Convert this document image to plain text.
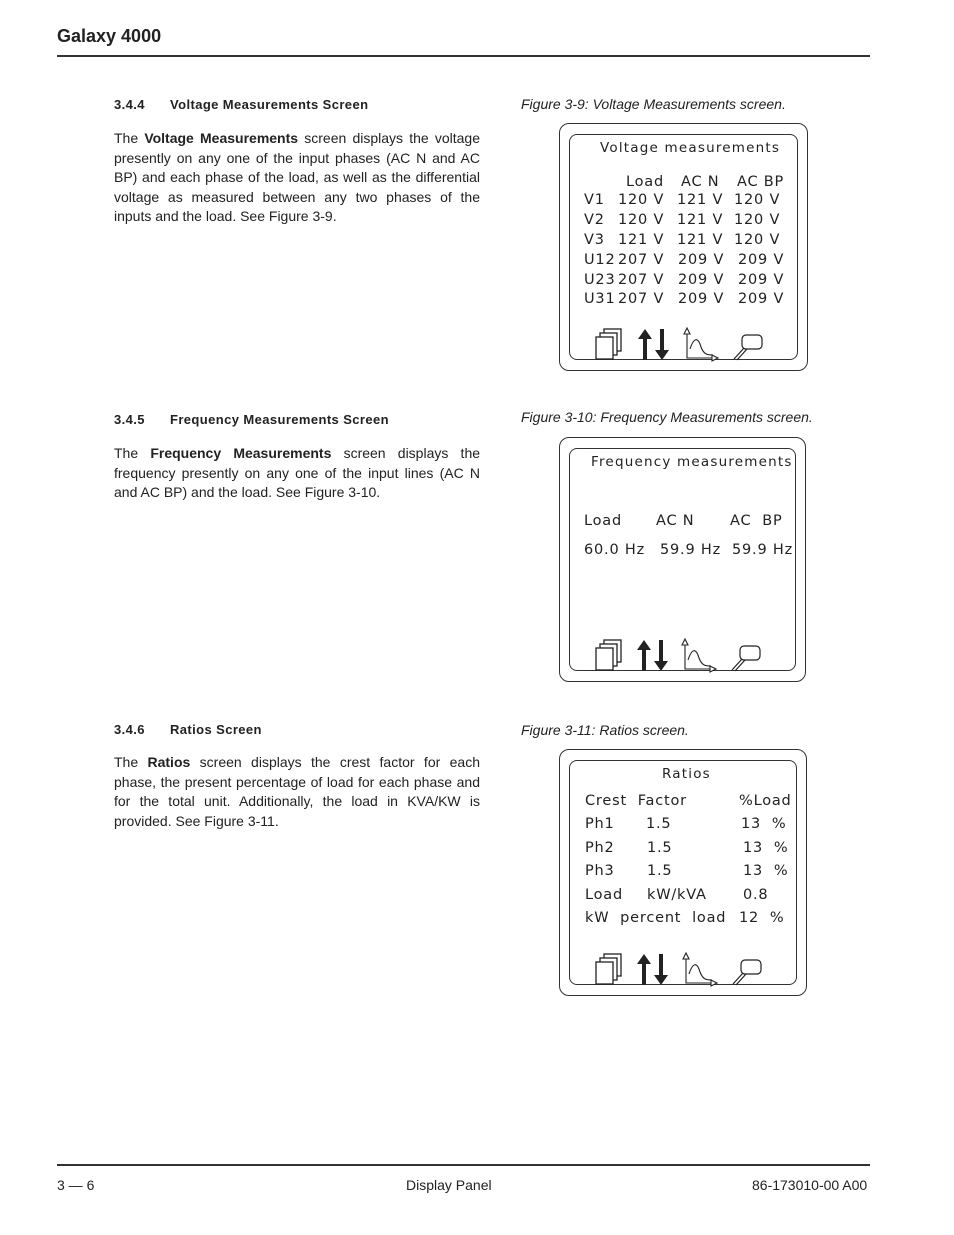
Galaxy 4000
3.4.4 Voltage Measurements Screen
The Voltage Measurements screen displays the voltage presently on any one of the input phases (AC N and AC BP) and each phase of the load, as well as the differential voltage as measured between any two phases of the inputs and the load. See Figure 3-9.
Figure 3-9: Voltage Measurements screen.
Voltage measurements
Load AC N AC BP
V1 120 V 121 V 120 V
V2 120 V 121 V 120 V
V3 121 V 121 V 120 V
U12 207 V 209 V 209 V
U23 207 V 209 V 209 V
U31 207 V 209 V 209 V
3.4.5 Frequency Measurements Screen
The Frequency Measurements screen displays the frequency presently on any one of the input lines (AC N and AC BP) and the load. See Figure 3-10.
Figure 3-10: Frequency Measurements screen.
Frequency measurements
Load AC N AC  BP
60.0 Hz 59.9 Hz 59.9 Hz
3.4.6 Ratios Screen
The Ratios screen displays the crest factor for each phase, the present percentage of load for each phase and for the total unit. Additionally, the load in KVA/KW is provided. See Figure 3-11.
Figure 3-11: Ratios screen.
Ratios
Crest  Factor	%Load
Ph1 1.5	13  %
Ph2 1.5	13  %
Ph3 1.5	13  %
Load kW/kVA	0.8
kW  percent  load 12  %
3 — 6	Display Panel	86-173010-00 A00
